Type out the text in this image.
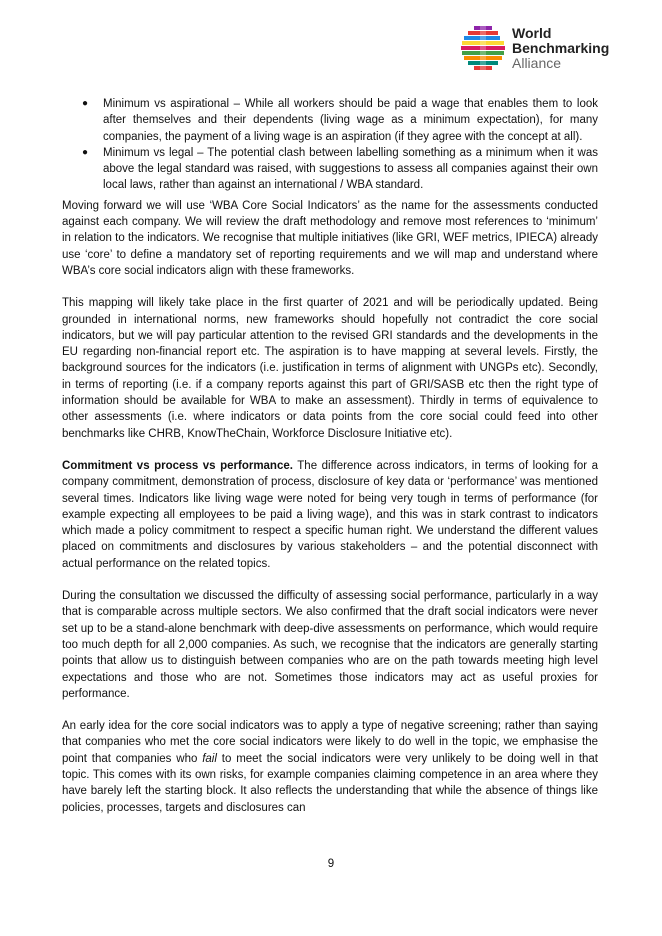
World
Benchmarking
Alliance
● Minimum vs aspirational – While all workers should be paid a wage that enables them to look after themselves and their dependents (living wage as a minimum expectation), for many companies, the payment of a living wage is an aspiration (if they agree with the concept at all).
● Minimum vs legal – The potential clash between labelling something as a minimum when it was above the legal standard was raised, with suggestions to assess all companies against their own local laws, rather than against an international / WBA standard.

Moving forward we will use ‘WBA Core Social Indicators’ as the name for the assessments conducted against each company. We will review the draft methodology and remove most references to ‘minimum’ in relation to the indicators. We recognise that multiple initiatives (like GRI, WEF metrics, IPIECA) already use ‘core’ to define a mandatory set of reporting requirements and we will map and understand where WBA’s core social indicators align with these frameworks.

This mapping will likely take place in the first quarter of 2021 and will be periodically updated. Being grounded in international norms, new frameworks should hopefully not contradict the core social indicators, but we will pay particular attention to the revised GRI standards and the developments in the EU regarding non-financial report etc. The aspiration is to have mapping at several levels. Firstly, the background sources for the indicators (i.e. justification in terms of alignment with UNGPs etc). Secondly, in terms of reporting (i.e. if a company reports against this part of GRI/SASB etc then the right type of information should be available for WBA to make an assessment). Thirdly in terms of equivalence to other assessments (i.e. where indicators or data points from the core social could feed into other benchmarks like CHRB, KnowTheChain, Workforce Disclosure Initiative etc).

Commitment vs process vs performance. The difference across indicators, in terms of looking for a company commitment, demonstration of process, disclosure of key data or ‘performance’ was mentioned several times. Indicators like living wage were noted for being very tough in terms of performance (for example expecting all employees to be paid a living wage), and this was in stark contrast to indicators which made a policy commitment to respect a specific human right. We understand the different values placed on commitments and disclosures by various stakeholders – and the potential disconnect with actual performance on the related topics.

During the consultation we discussed the difficulty of assessing social performance, particularly in a way that is comparable across multiple sectors. We also confirmed that the draft social indicators were never set up to be a stand-alone benchmark with deep-dive assessments on performance, which would require too much depth for all 2,000 companies. As such, we recognise that the indicators are generally starting points that allow us to distinguish between companies who are on the path towards meeting high level expectations and those who are not. Sometimes those indicators may act as useful proxies for performance.

An early idea for the core social indicators was to apply a type of negative screening; rather than saying that companies who met the core social indicators were likely to do well in the topic, we emphasise the point that companies who fail to meet the social indicators were very unlikely to be doing well in that topic. This comes with its own risks, for example companies claiming competence in an area where they have barely left the starting block. It also reflects the understanding that while the absence of things like policies, processes, targets and disclosures can

9
